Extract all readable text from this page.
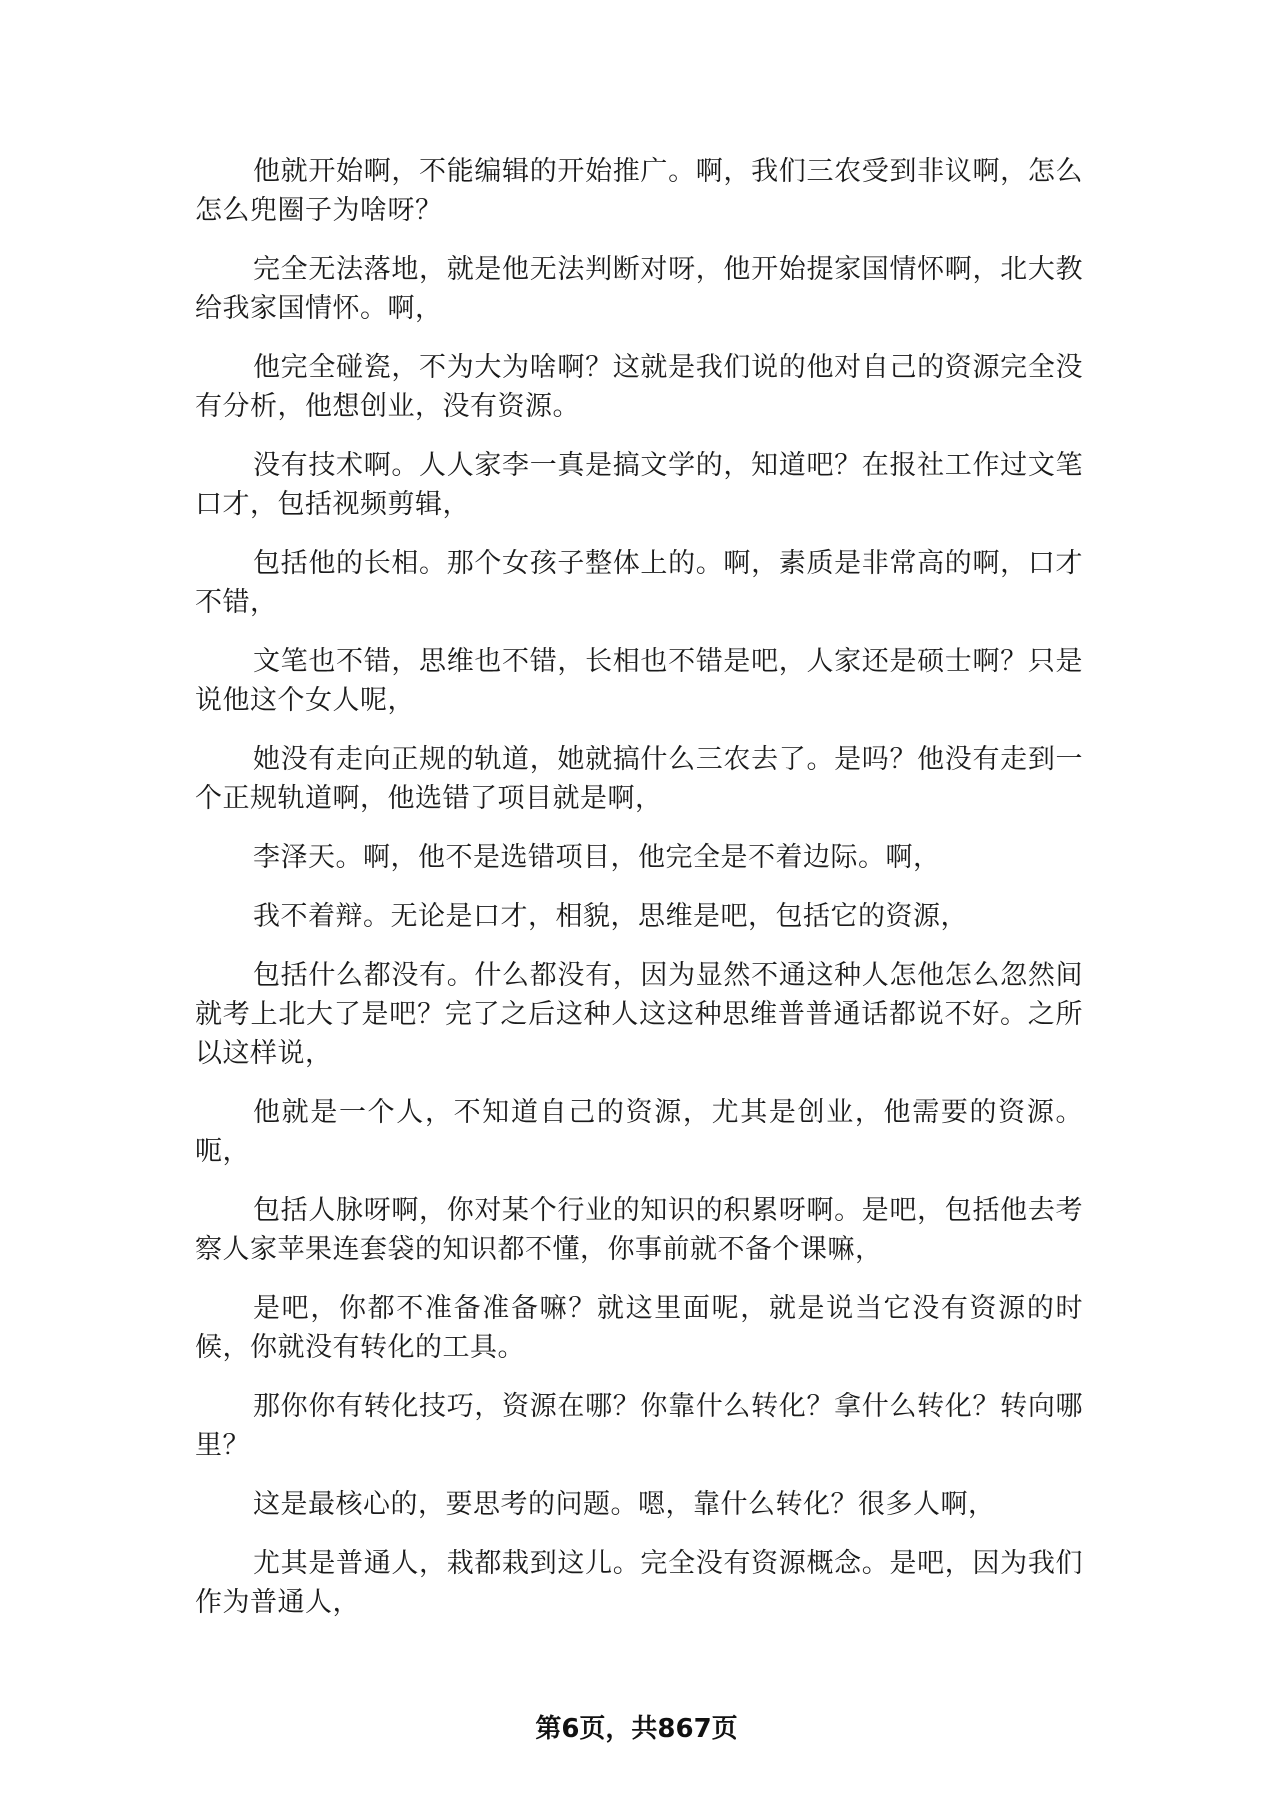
他就开始啊，不能编辑的开始推广。啊，我们三农受到非议啊，怎么怎么兜圈子为啥呀？

完全无法落地，就是他无法判断对呀，他开始提家国情怀啊，北大教给我家国情怀。啊，

他完全碰瓷，不为大为啥啊？这就是我们说的他对自己的资源完全没有分析，他想创业，没有资源。

没有技术啊。人人家李一真是搞文学的，知道吧？在报社工作过文笔口才，包括视频剪辑，

包括他的长相。那个女孩子整体上的。啊，素质是非常高的啊，口才不错，

文笔也不错，思维也不错，长相也不错是吧，人家还是硕士啊？只是说他这个女人呢，

她没有走向正规的轨道，她就搞什么三农去了。是吗？他没有走到一个正规轨道啊，他选错了项目就是啊，

李泽天。啊，他不是选错项目，他完全是不着边际。啊，

我不着辩。无论是口才，相貌，思维是吧，包括它的资源，

包括什么都没有。什么都没有，因为显然不通这种人怎他怎么忽然间就考上北大了是吧？完了之后这种人这这种思维普普通话都说不好。之所以这样说，

他就是一个人，不知道自己的资源，尤其是创业，他需要的资源。呃，

包括人脉呀啊，你对某个行业的知识的积累呀啊。是吧，包括他去考察人家苹果连套袋的知识都不懂，你事前就不备个课嘛，

是吧，你都不准备准备嘛？就这里面呢，就是说当它没有资源的时候，你就没有转化的工具。

那你你有转化技巧，资源在哪？你靠什么转化？拿什么转化？转向哪里？

这是最核心的，要思考的问题。嗯，靠什么转化？很多人啊，

尤其是普通人，栽都栽到这儿。完全没有资源概念。是吧，因为我们作为普通人，

第6页，共867页
